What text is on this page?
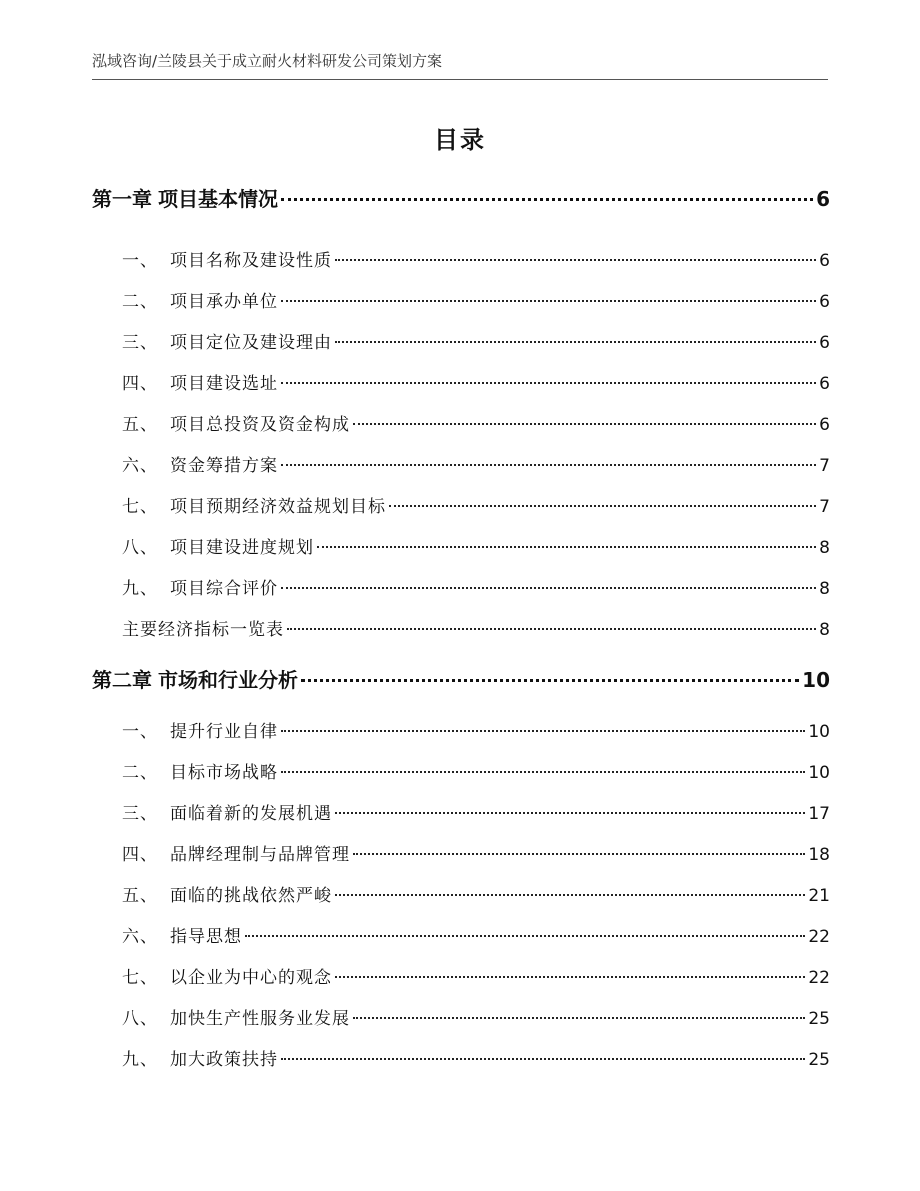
泓域咨询/兰陵县关于成立耐火材料研发公司策划方案
目录
第一章 项目基本情况	6
一、 项目名称及建设性质	6
二、 项目承办单位	6
三、 项目定位及建设理由	6
四、 项目建设选址	6
五、 项目总投资及资金构成	6
六、 资金筹措方案	7
七、 项目预期经济效益规划目标	7
八、 项目建设进度规划	8
九、 项目综合评价	8
主要经济指标一览表	8
第二章 市场和行业分析	10
一、 提升行业自律	10
二、 目标市场战略	10
三、 面临着新的发展机遇	17
四、 品牌经理制与品牌管理	18
五、 面临的挑战依然严峻	21
六、 指导思想	22
七、 以企业为中心的观念	22
八、 加快生产性服务业发展	25
九、 加大政策扶持	25
